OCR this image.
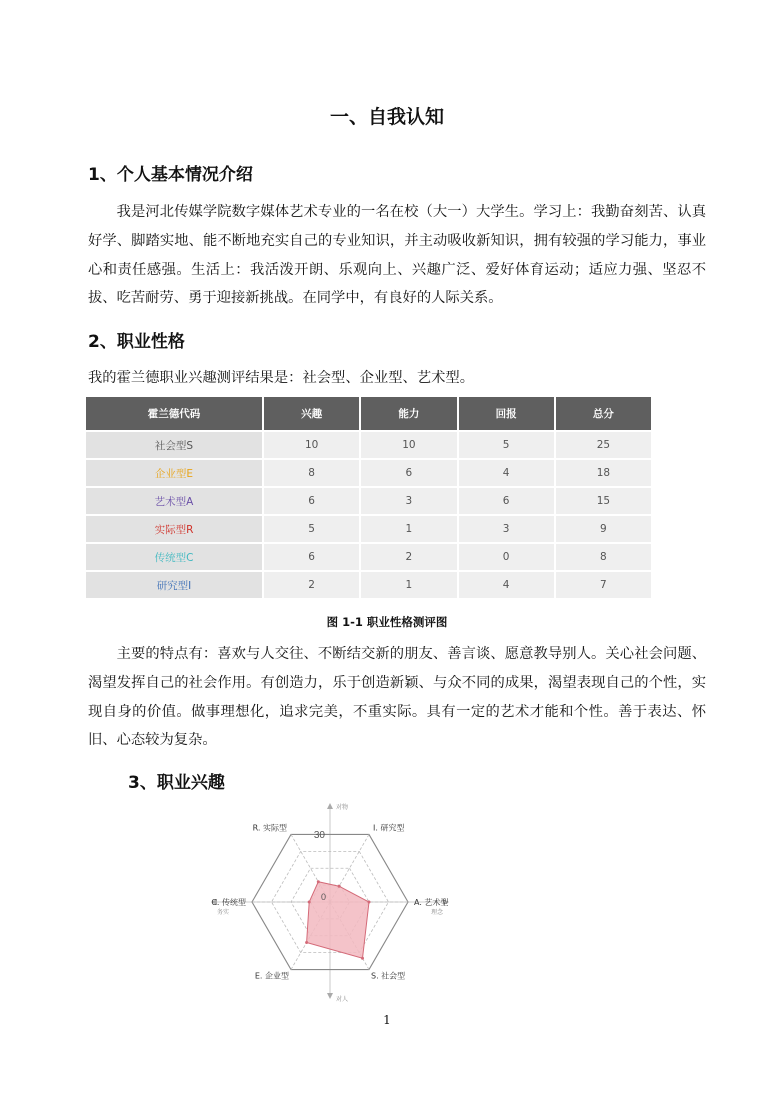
一、自我认知
1、个人基本情况介绍

我是河北传媒学院数字媒体艺术专业的一名在校（大一）大学生。学习上：我勤奋刻苦、认真好学、脚踏实地、能不断地充实自己的专业知识，并主动吸收新知识，拥有较强的学习能力，事业心和责任感强。生活上：我活泼开朗、乐观向上、兴趣广泛、爱好体育运动；适应力强、坚忍不拔、吃苦耐劳、勇于迎接新挑战。在同学中，有良好的人际关系。

2、职业性格

我的霍兰德职业兴趣测评结果是：社会型、企业型、艺术型。

霍兰德代码	兴趣	能力	回报	总分
社会型S	10	10	5	25
企业型E	8	6	4	18
艺术型A	6	3	6	15
实际型R	5	1	3	9
传统型C	6	2	0	8
研究型I	2	1	4	7
图 1-1 职业性格测评图

主要的特点有：喜欢与人交往、不断结交新的朋友、善言谈、愿意教导别人。关心社会问题、渴望发挥自己的社会作用。有创造力，乐于创造新颖、与众不同的成果，渴望表现自己的个性，实现自身的价值。做事理想化，追求完美，不重实际。具有一定的艺术才能和个性。善于表达、怀旧、心态较为复杂。

3、职业兴趣
30
0
I. 研究型
A. 艺术型
S. 社会型
E. 企业型
C. 传统型
R. 实际型
对物
对人
务实	理念
1
